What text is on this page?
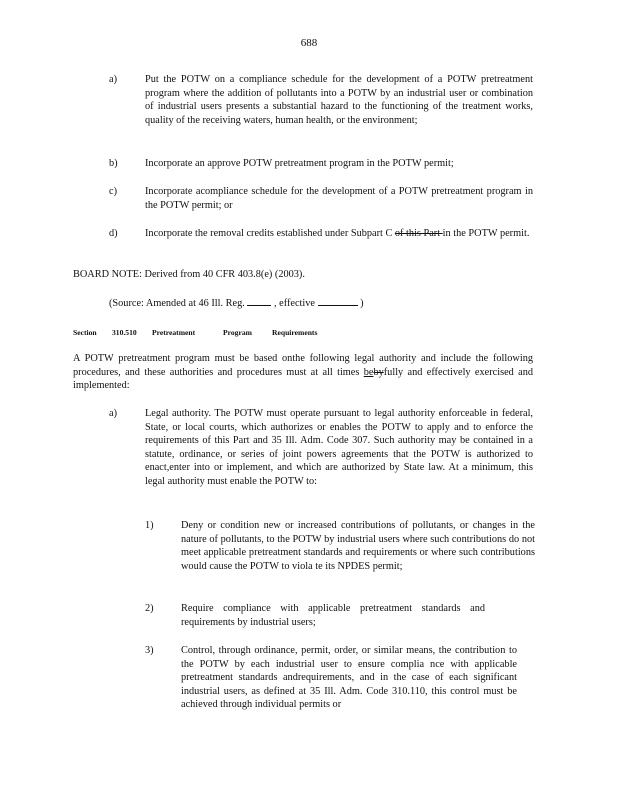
688
a)	Put the POTW on a compliance schedule for the development of a POTW pretreatment program where the addition of pollutants into a POTW by an industrial user or combination of industrial users presents a substantial hazard to the functioning of the treatment works, quality of the receiving waters, human health, or the environment;
b)	Incorporate an approve POTW pretreatment program in the POTW permit;
c)	Incorporate acompliance schedule for the development of a POTW pretreatment program in the POTW permit; or
d)	Incorporate the removal credits established under Subpart C of this Part in the POTW permit.
BOARD NOTE: Derived from 40 CFR 403.8(e) (2003).
(Source: Amended at 46 Ill. Reg.	, effective	)
Section 310.510 Pretreatment	Program	Requirements
A POTW pretreatment program must be based onthe following legal authority and include the following procedures, and these authorities and procedures must at all times bebyfully and effectively exercised and implemented:
a)	Legal authority. The POTW must operate pursuant to legal authority enforceable in federal, State, or local courts, which authorizes or enables the POTW to apply and to enforce the requirements of this Part and 35 Ill. Adm. Code 307. Such authority may be contained in a statute, ordinance, or series of joint powers agreements that the POTW is authorized to enact,enter into or implement, and which are authorized by State law. At a minimum, this legal authority must enable the POTW to:
1)	Deny or condition new or increased contributions of pollutants, or changes in the nature of pollutants, to the POTW by industrial users where such contributions do not meet applicable pretreatment standards and requirements or where such contributions would cause the POTW to viola te its NPDES permit;
2)	Require compliance with applicable pretreatment standards and requirements by industrial users;
3)	Control, through ordinance, permit, order, or similar means, the contribution to the POTW by each industrial user to ensure complia nce with applicable pretreatment standards andrequirements, and in the case of each significant industrial users, as defined at 35 Ill. Adm. Code 310.110, this control must be achieved through individual permits or
